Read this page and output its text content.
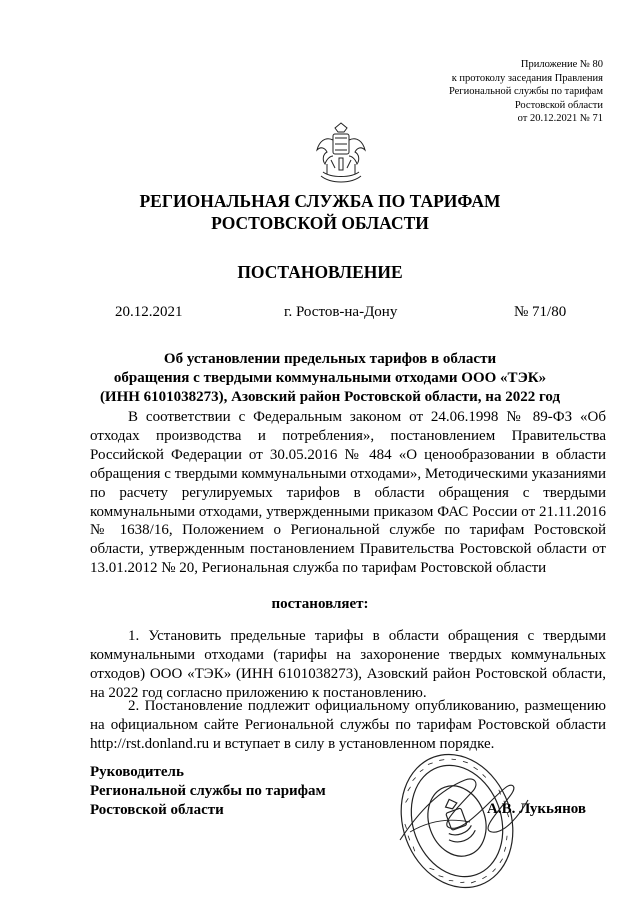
Приложение № 80
к протоколу заседания Правления
Региональной службы по тарифам
Ростовской области
от 20.12.2021 № 71
РЕГИОНАЛЬНАЯ СЛУЖБА ПО ТАРИФАМ
РОСТОВСКОЙ ОБЛАСТИ
ПОСТАНОВЛЕНИЕ
20.12.2021	г. Ростов-на-Дону	№ 71/80
Об установлении предельных тарифов в области
обращения с твердыми коммунальными отходами ООО «ТЭК»
(ИНН 6101038273), Азовский район Ростовской области, на 2022 год

В соответствии с Федеральным законом от 24.06.1998 № 89-ФЗ «Об отходах производства и потребления», постановлением Правительства Российской Федерации от 30.05.2016 № 484 «О ценообразовании в области обращения с твердыми коммунальными отходами», Методическими указаниями по расчету регулируемых тарифов в области обращения с твердыми коммунальными отходами, утвержденными приказом ФАС России от 21.11.2016 № 1638/16, Положением о Региональной службе по тарифам Ростовской области, утвержденным постановлением Правительства Ростовской области от 13.01.2012 № 20, Региональная служба по тарифам Ростовской области

постановляет:

1. Установить предельные тарифы в области обращения с твердыми коммунальными отходами (тарифы на захоронение твердых коммунальных отходов) ООО «ТЭК» (ИНН 6101038273), Азовский район Ростовской области, на 2022 год согласно приложению к постановлению.

2. Постановление подлежит официальному опубликованию, размещению на официальном сайте Региональной службы по тарифам Ростовской области http://rst.donland.ru и вступает в силу в установленном порядке.

Руководитель
Региональной службы по тарифам
Ростовской области	А.В. Лукьянов
